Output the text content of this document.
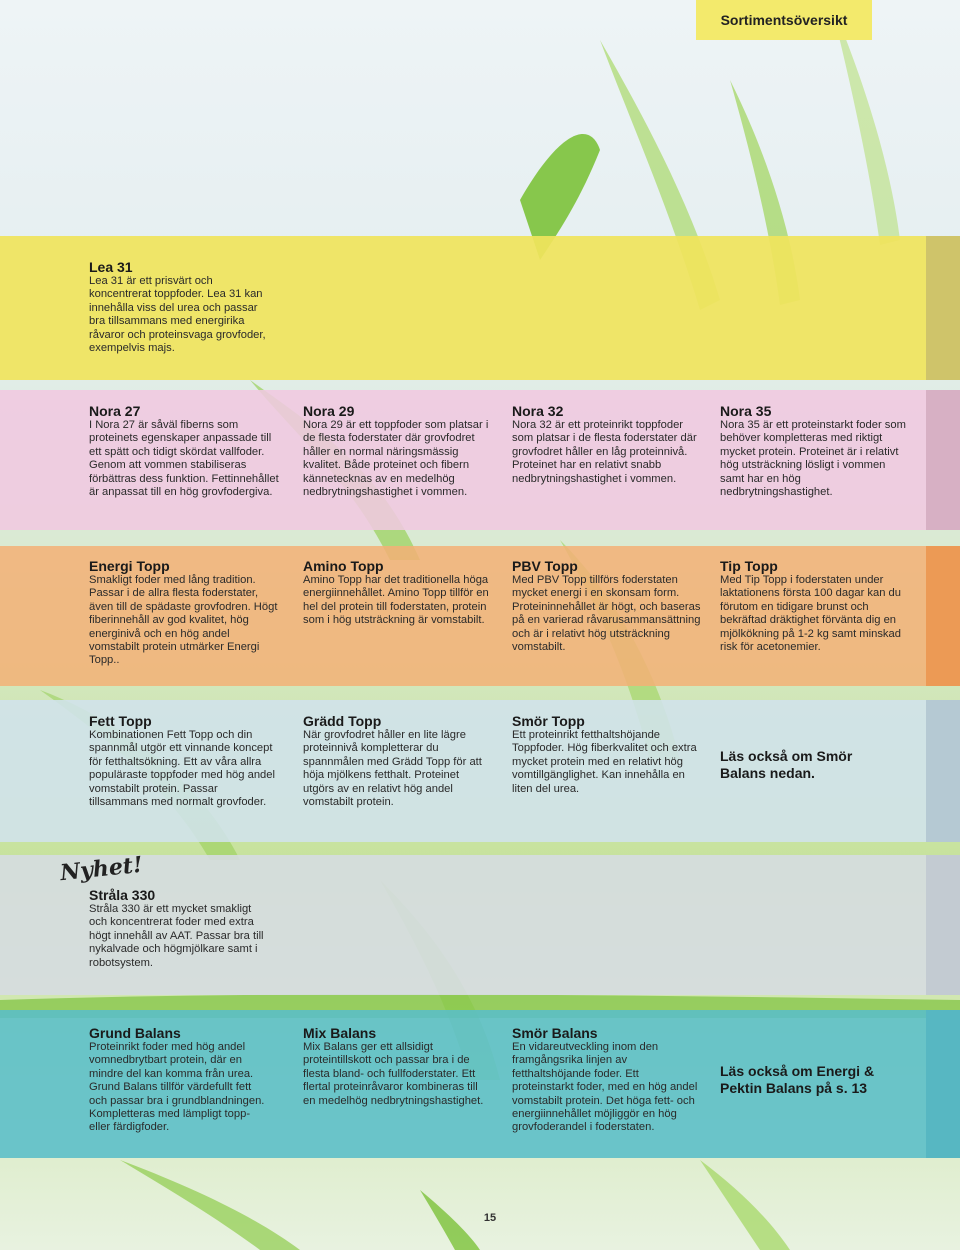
Sortimentsöversikt
Lea 31

Lea 31 är ett prisvärt och koncentrerat toppfoder. Lea 31 kan innehålla viss del urea och passar bra tillsammans med energirika råvaror och proteinsvaga grovfoder, exempelvis majs.

Nora 27

I Nora 27 är såväl fiberns som proteinets egenskaper anpassade till ett spätt och tidigt skördat vallfoder. Genom att vommen stabiliseras förbättras dess funktion. Fettinnehållet är anpassat till en hög grovfodergiva.

Nora 29

Nora 29 är ett toppfoder som platsar i de flesta foderstater där grovfodret håller en normal näringsmässig kvalitet. Både proteinet och fibern kännetecknas av en medelhög nedbrytningshastighet i vommen.

Nora 32

Nora 32 är ett proteinrikt toppfoder som platsar i de flesta foderstater där grovfodret håller en låg proteinnivå. Proteinet har en relativt snabb nedbrytningshastighet i vommen.

Nora 35

Nora 35 är ett proteinstarkt foder som behöver kompletteras med riktigt mycket protein. Proteinet är i relativt hög utsträckning lösligt i vommen samt har en hög nedbrytningshastighet.

Energi Topp

Smakligt foder med lång tradition. Passar i de allra flesta foderstater, även till de spädaste grovfodren. Högt fiberinnehåll av god kvalitet, hög energinivå och en hög andel vomstabilt protein utmärker Energi Topp..

Amino Topp

Amino Topp har det traditionella höga energiinnehållet. Amino Topp tillför en hel del protein till foderstaten, protein som i hög utsträckning är vomstabilt.

PBV Topp

Med PBV Topp tillförs foderstaten mycket energi i en skonsam form. Proteininnehållet är högt, och baseras på en varierad råvarusammansättning och är i relativt hög utsträckning vomstabilt.

Tip Topp

Med Tip Topp i foderstaten under laktationens första 100 dagar kan du förutom en tidigare brunst och bekräftad dräktighet förvänta dig en mjölkökning på 1-2 kg samt minskad risk för acetonemier.

Fett Topp

Kombinationen Fett Topp och din spannmål utgör ett vinnande koncept för fetthaltsökning. Ett av våra allra populäraste toppfoder med hög andel vomstabilt protein. Passar tillsammans med normalt grovfoder.

Grädd Topp

När grovfodret håller en lite lägre proteinnivå kompletterar du spannmålen med Grädd Topp för att höja mjölkens fetthalt. Proteinet utgörs av en relativt hög andel vomstabilt protein.

Smör Topp

Ett proteinrikt fetthaltshöjande Toppfoder. Hög fiberkvalitet och extra mycket protein med en relativt hög vomtillgänglighet. Kan innehålla en liten del urea.

Läs också om Smör Balans nedan.
Nyhet!
Stråla 330

Stråla 330 är ett mycket smakligt och koncentrerat foder med extra högt innehåll av AAT. Passar bra till nykalvade och högmjölkare samt i robotsystem.

Grund Balans

Proteinrikt foder med hög andel vomnedbrytbart protein, där en mindre del kan komma från urea. Grund Balans tillför värdefullt fett och passar bra i grundblandningen. Kompletteras med lämpligt topp- eller färdigfoder.

Mix Balans

Mix Balans ger ett allsidigt proteintillskott och passar bra i de flesta bland- och fullfoderstater. Ett flertal proteinråvaror kombineras till en medelhög nedbrytningshastighet.

Smör Balans

En vidareutveckling inom den framgångsrika linjen av fetthaltshöjande foder. Ett proteinstarkt foder, med en hög andel vomstabilt protein. Det höga fett- och energiinnehållet möjliggör en hög grovfoderandel i foderstaten.

Läs också om Energi & Pektin Balans på s. 13
15
